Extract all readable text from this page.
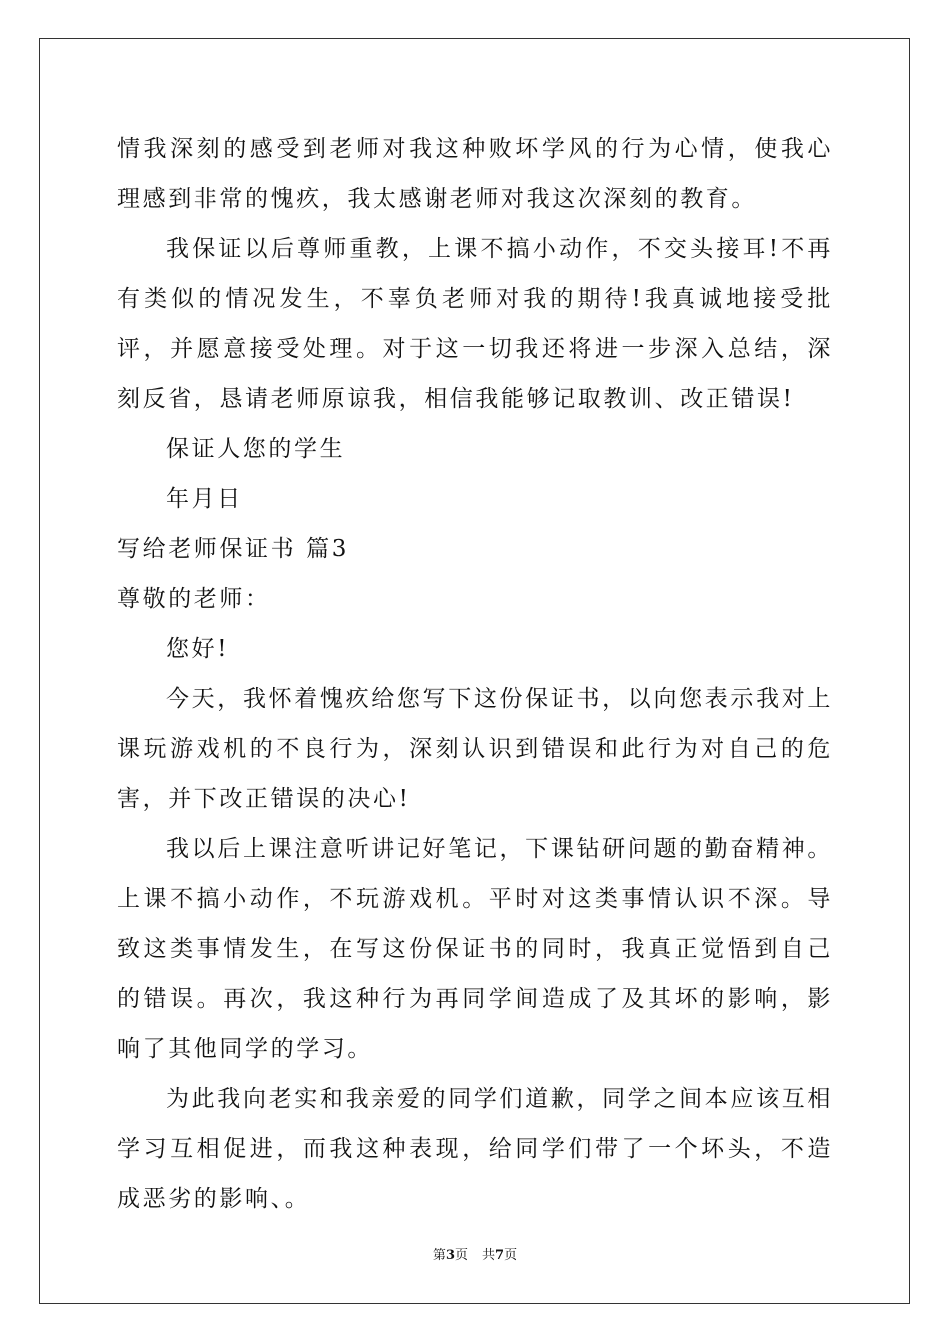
情我深刻的感受到老师对我这种败坏学风的行为心情，使我心理感到非常的愧疚，我太感谢老师对我这次深刻的教育。

我保证以后尊师重教，上课不搞小动作，不交头接耳!不再有类似的情况发生，不辜负老师对我的期待!我真诚地接受批评，并愿意接受处理。对于这一切我还将进一步深入总结，深刻反省，恳请老师原谅我，相信我能够记取教训、改正错误!

保证人您的学生

年月日

写给老师保证书 篇3

尊敬的老师：

您好!

今天，我怀着愧疚给您写下这份保证书，以向您表示我对上课玩游戏机的不良行为，深刻认识到错误和此行为对自己的危害，并下改正错误的决心!

我以后上课注意听讲记好笔记，下课钻研问题的勤奋精神。上课不搞小动作，不玩游戏机。平时对这类事情认识不深。导致这类事情发生，在写这份保证书的同时，我真正觉悟到自己的错误。再次，我这种行为再同学间造成了及其坏的影响，影响了其他同学的学习。

为此我向老实和我亲爱的同学们道歉，同学之间本应该互相学习互相促进，而我这种表现，给同学们带了一个坏头，不造成恶劣的影响、。

第3页 共7页
